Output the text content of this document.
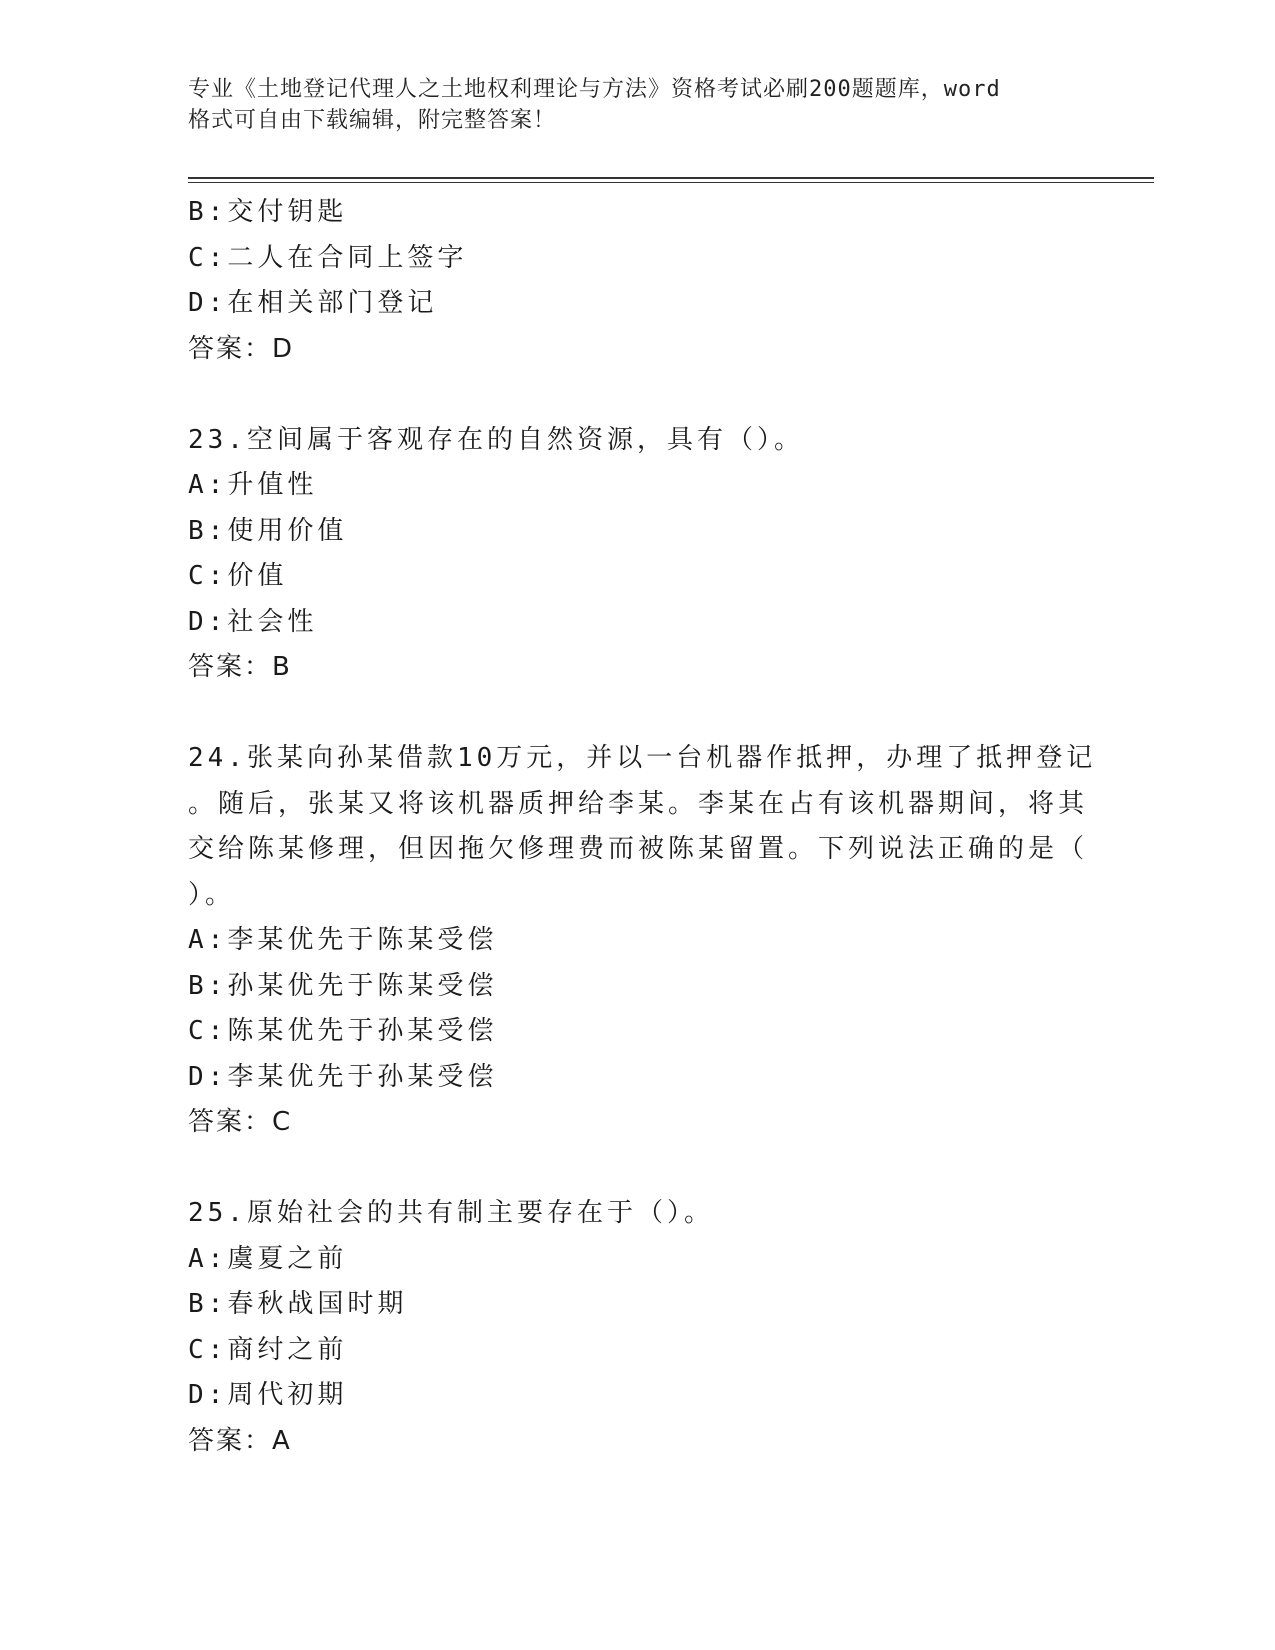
专业《土地登记代理人之土地权利理论与方法》资格考试必刷200题题库，word
格式可自由下载编辑，附完整答案！
B:交付钥匙
C:二人在合同上签字
D:在相关部门登记
答案：D
23.空间属于客观存在的自然资源，具有（）。
A:升值性
B:使用价值
C:价值
D:社会性
答案：B
24.张某向孙某借款10万元，并以一台机器作抵押，办理了抵押登记
。随后，张某又将该机器质押给李某。李某在占有该机器期间，将其
交给陈某修理，但因拖欠修理费而被陈某留置。下列说法正确的是（
）。
A:李某优先于陈某受偿
B:孙某优先于陈某受偿
C:陈某优先于孙某受偿
D:李某优先于孙某受偿
答案：C
25.原始社会的共有制主要存在于（）。
A:虞夏之前
B:春秋战国时期
C:商纣之前
D:周代初期
答案：A
